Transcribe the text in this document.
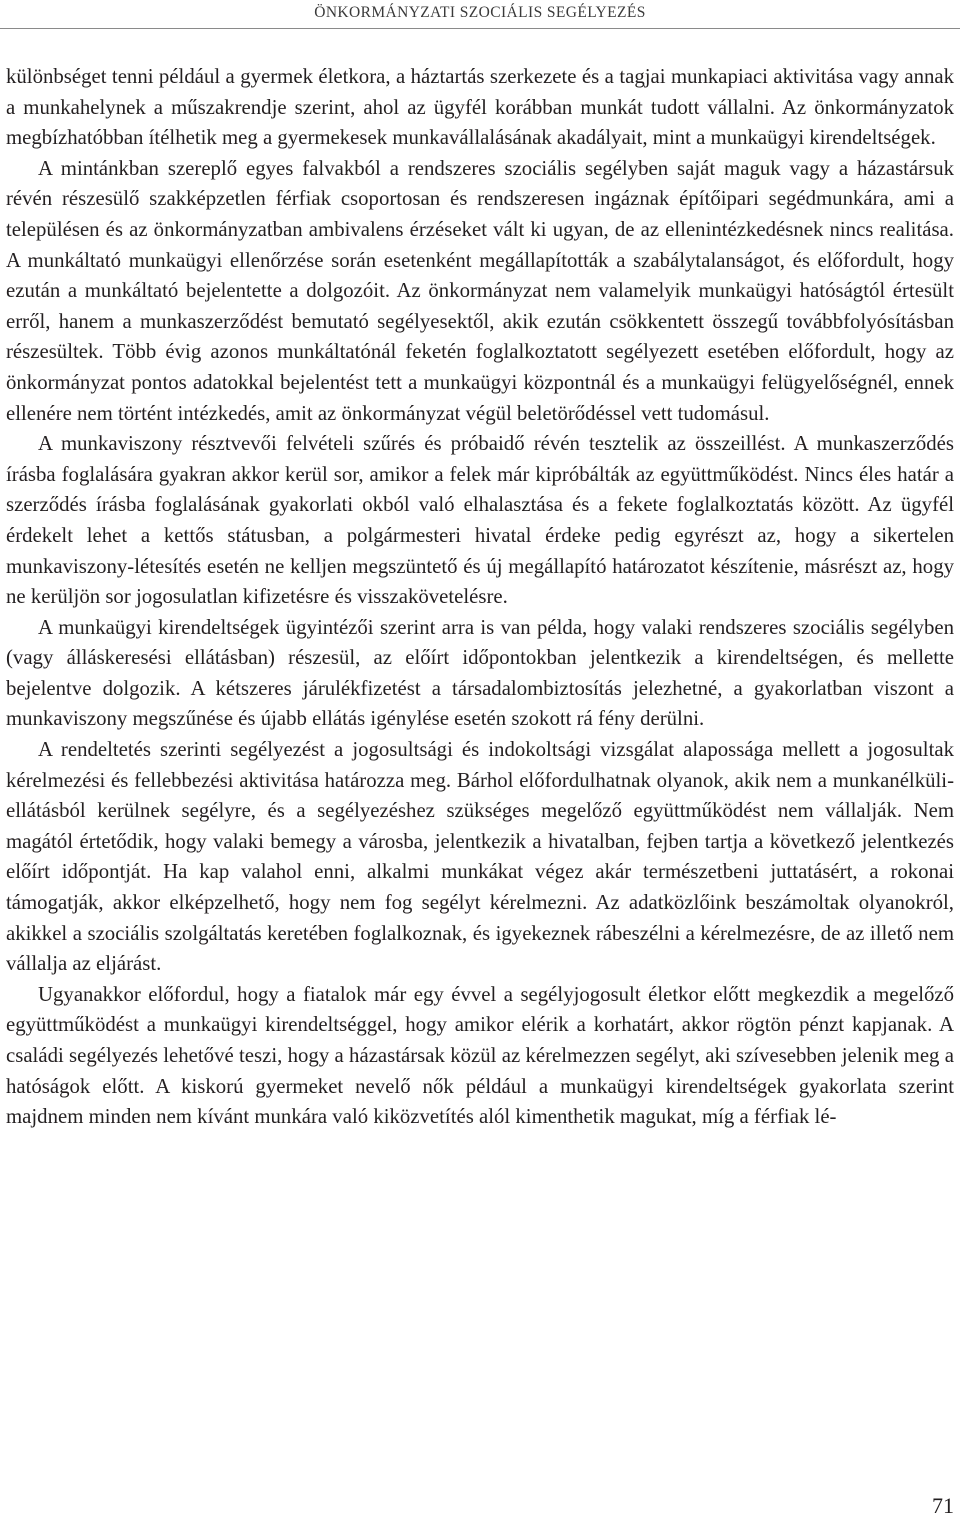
ÖNKORMÁNYZATI SZOCIÁLIS SEGÉLYEZÉS

különbséget tenni például a gyermek életkora, a háztartás szerkezete és a tagjai munkapiaci aktivitása vagy annak a munkahelynek a műszakrendje szerint, ahol az ügyfél korábban munkát tudott vállalni. Az önkormányzatok megbízhatóbban ítélhetik meg a gyermekesek munkavállalásának akadályait, mint a munkaügyi kirendeltségek.

A mintánkban szereplő egyes falvakból a rendszeres szociális segélyben saját maguk vagy a házastársuk révén részesülő szakképzetlen férfiak csoportosan és rendszeresen ingáznak építőipari segédmunkára, ami a településen és az önkormányzatban ambivalens érzéseket vált ki ugyan, de az ellenintézkedésnek nincs realitása. A munkáltató munkaügyi ellenőrzése során esetenként megállapították a szabálytalanságot, és előfordult, hogy ezután a munkáltató bejelentette a dolgozóit. Az önkormányzat nem valamelyik munkaügyi hatóságtól értesült erről, hanem a munkaszerződést bemutató segélyesektől, akik ezután csökkentett összegű továbbfolyósításban részesültek. Több évig azonos munkáltatónál feketén foglalkoztatott segélyezett esetében előfordult, hogy az önkormányzat pontos adatokkal bejelentést tett a munkaügyi központnál és a munkaügyi felügyelőségnél, ennek ellenére nem történt intézkedés, amit az önkormányzat végül beletörődéssel vett tudomásul.

A munkaviszony résztvevői felvételi szűrés és próbaidő révén tesztelik az összeillést. A munkaszerződés írásba foglalására gyakran akkor kerül sor, amikor a felek már kipróbálták az együttműködést. Nincs éles határ a szerződés írásba foglalásának gyakorlati okból való elhalasztása és a fekete foglalkoztatás között. Az ügyfél érdekelt lehet a kettős státusban, a polgármesteri hivatal érdeke pedig egyrészt az, hogy a sikertelen munkaviszony-létesítés esetén ne kelljen megszüntető és új megállapító határozatot készítenie, másrészt az, hogy ne kerüljön sor jogosulatlan kifizetésre és visszakövetelésre.

A munkaügyi kirendeltségek ügyintézői szerint arra is van példa, hogy valaki rendszeres szociális segélyben (vagy álláskeresési ellátásban) részesül, az előírt időpontokban jelentkezik a kirendeltségen, és mellette bejelentve dolgozik. A kétszeres járulékfizetést a társadalombiztosítás jelezhetné, a gyakorlatban viszont a munkaviszony megszűnése és újabb ellátás igénylése esetén szokott rá fény derülni.

A rendeltetés szerinti segélyezést a jogosultsági és indokoltsági vizsgálat alapossága mellett a jogosultak kérelmezési és fellebbezési aktivitása határozza meg. Bárhol előfordulhatnak olyanok, akik nem a munkanélküli-ellátásból kerülnek segélyre, és a segélyezéshez szükséges megelőző együttműködést nem vállalják. Nem magától értetődik, hogy valaki bemegy a városba, jelentkezik a hivatalban, fejben tartja a következő jelentkezés előírt időpontját. Ha kap valahol enni, alkalmi munkákat végez akár természetbeni juttatásért, a rokonai támogatják, akkor elképzelhető, hogy nem fog segélyt kérelmezni. Az adatközlőink beszámoltak olyanokról, akikkel a szociális szolgáltatás keretében foglalkoznak, és igyekeznek rábeszélni a kérelmezésre, de az illető nem vállalja az eljárást.

Ugyanakkor előfordul, hogy a fiatalok már egy évvel a segélyjogosult életkor előtt megkezdik a megelőző együttműködést a munkaügyi kirendeltséggel, hogy amikor elérik a korhatárt, akkor rögtön pénzt kapjanak. A családi segélyezés lehetővé teszi, hogy a házastársak közül az kérelmezzen segélyt, aki szívesebben jelenik meg a hatóságok előtt. A kiskorú gyermeket nevelő nők például a munkaügyi kirendeltségek gyakorlata szerint majdnem minden nem kívánt munkára való kiközvetítés alól kimenthetik magukat, míg a férfiak lé-

71
